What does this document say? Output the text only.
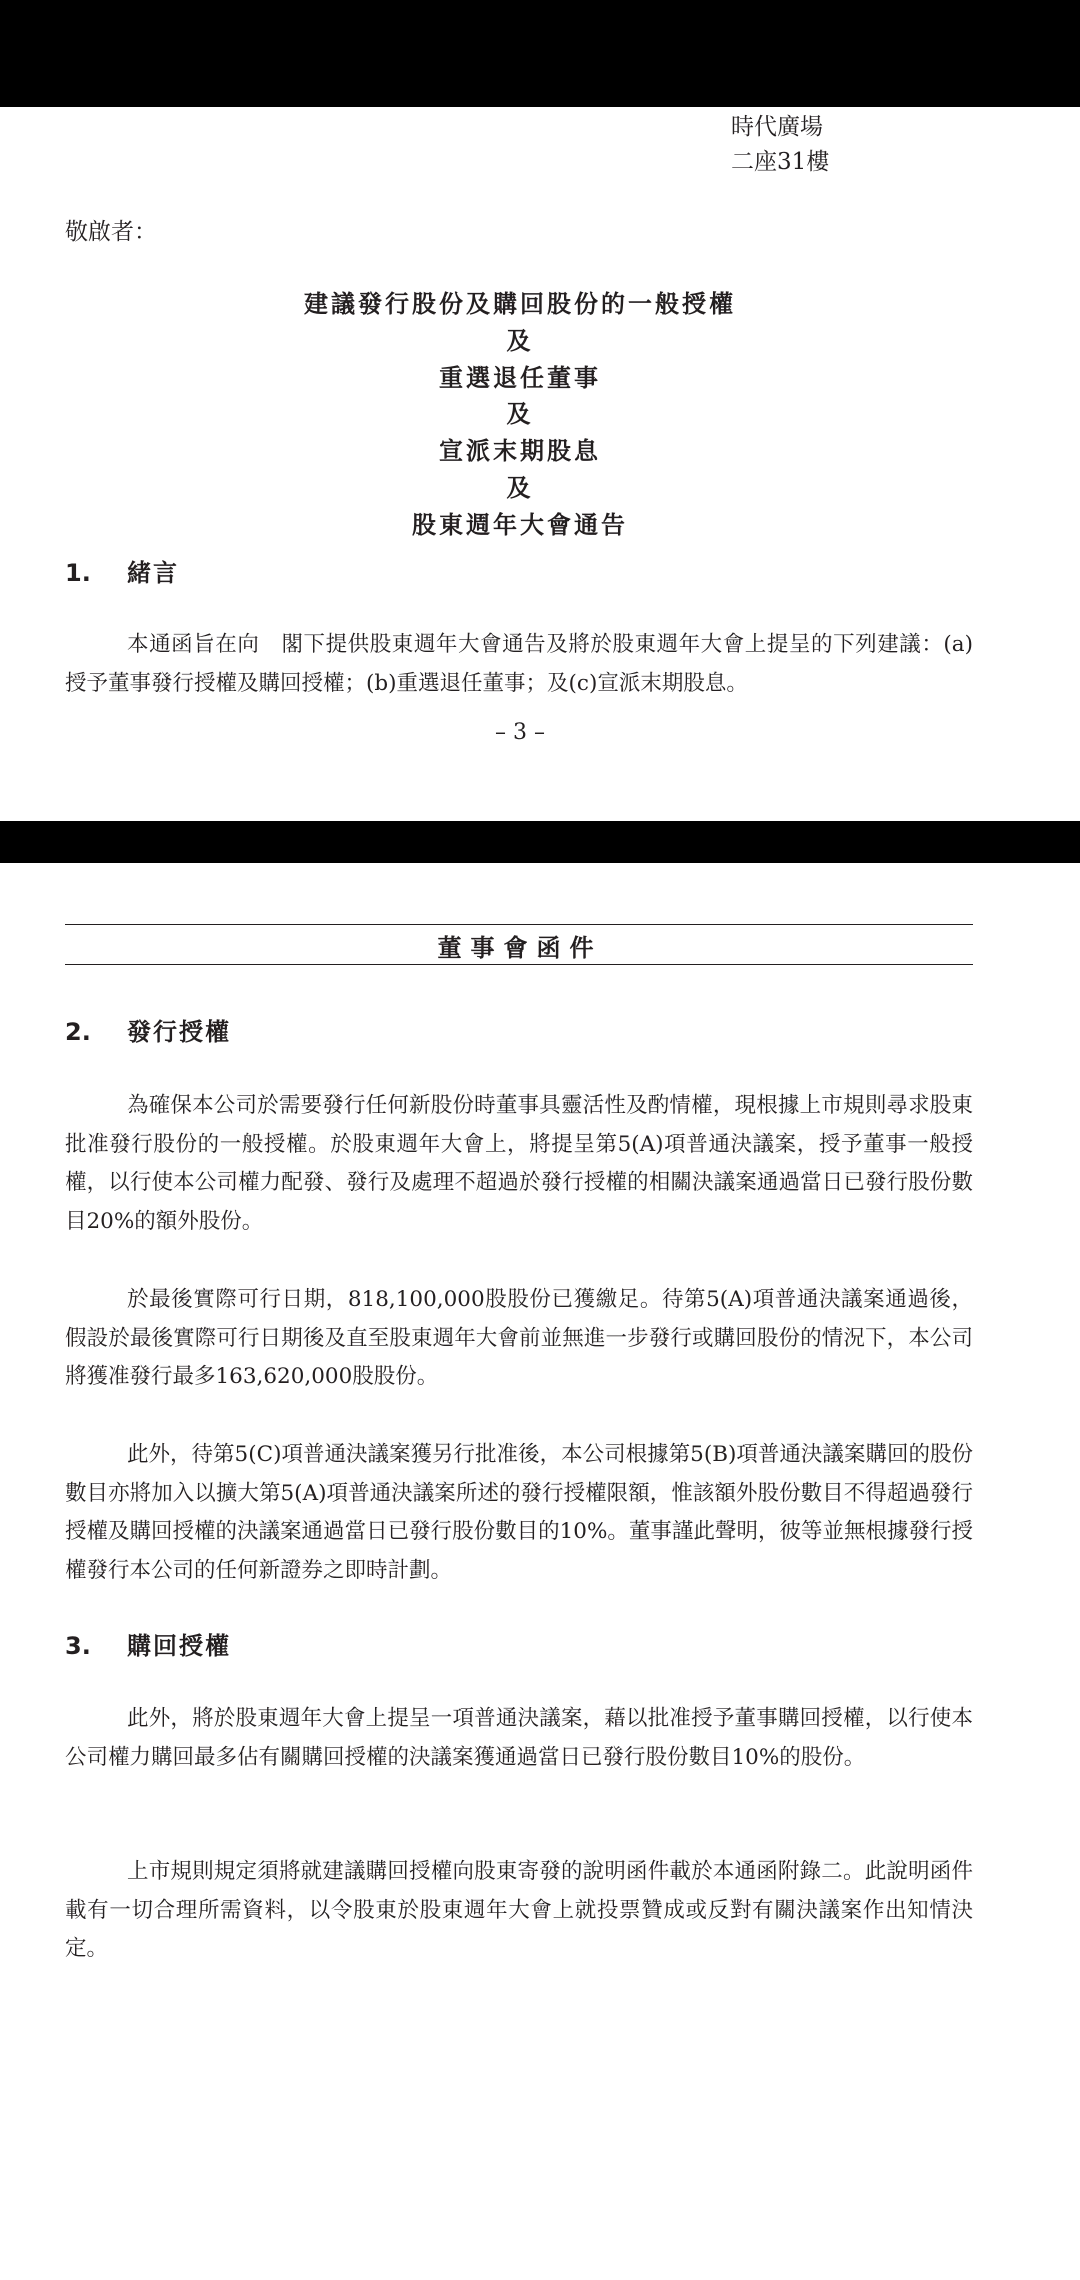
時代廣場
二座31樓
敬啟者：
建議發行股份及購回股份的一般授權
及
重選退任董事
及
宣派末期股息
及
股東週年大會通告
1. 緒言

本通函旨在向　閣下提供股東週年大會通告及將於股東週年大會上提呈的下列建議：(a)授予董事發行授權及購回授權；(b)重選退任董事；及(c)宣派末期股息。

– 3 –
董事會函件
2. 發行授權

為確保本公司於需要發行任何新股份時董事具靈活性及酌情權，現根據上市規則尋求股東批准發行股份的一般授權。於股東週年大會上，將提呈第5(A)項普通決議案，授予董事一般授權，以行使本公司權力配發、發行及處理不超過於發行授權的相關決議案通過當日已發行股份數目20%的額外股份。

於最後實際可行日期，818,100,000股股份已獲繳足。待第5(A)項普通決議案通過後，假設於最後實際可行日期後及直至股東週年大會前並無進一步發行或購回股份的情況下，本公司將獲准發行最多163,620,000股股份。

此外，待第5(C)項普通決議案獲另行批准後，本公司根據第5(B)項普通決議案購回的股份數目亦將加入以擴大第5(A)項普通決議案所述的發行授權限額，惟該額外股份數目不得超過發行授權及購回授權的決議案通過當日已發行股份數目的10%。董事謹此聲明，彼等並無根據發行授權發行本公司的任何新證券之即時計劃。

3. 購回授權

此外，將於股東週年大會上提呈一項普通決議案，藉以批准授予董事購回授權，以行使本公司權力購回最多佔有關購回授權的決議案獲通過當日已發行股份數目10%的股份。

上市規則規定須將就建議購回授權向股東寄發的說明函件載於本通函附錄二。此說明函件載有一切合理所需資料，以令股東於股東週年大會上就投票贊成或反對有關決議案作出知情決定。
